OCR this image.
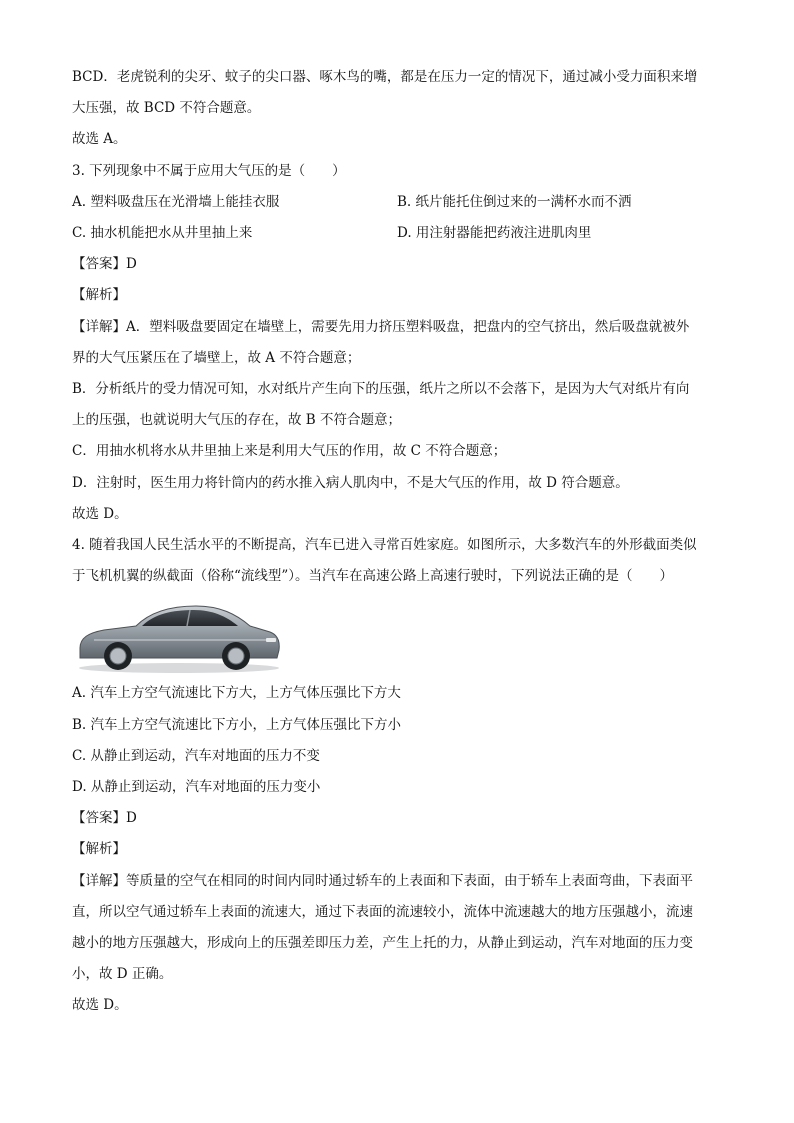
BCD．老虎锐利的尖牙、蚊子的尖口器、啄木鸟的嘴，都是在压力一定的情况下，通过减小受力面积来增

大压强，故 BCD 不符合题意。

故选 A。

3. 下列现象中不属于应用大气压的是（　　）

A. 塑料吸盘压在光滑墙上能挂衣服	B. 纸片能托住倒过来的一满杯水而不洒
C. 抽水机能把水从井里抽上来	D. 用注射器能把药液注进肌肉里

【答案】D

【解析】

【详解】A．塑料吸盘要固定在墙壁上，需要先用力挤压塑料吸盘，把盘内的空气挤出，然后吸盘就被外

界的大气压紧压在了墙壁上，故 A 不符合题意；

B．分析纸片的受力情况可知，水对纸片产生向下的压强，纸片之所以不会落下，是因为大气对纸片有向

上的压强，也就说明大气压的存在，故 B 不符合题意；

C．用抽水机将水从井里抽上来是利用大气压的作用，故 C 不符合题意；

D．注射时，医生用力将针筒内的药水推入病人肌肉中，不是大气压的作用，故 D 符合题意。

故选 D。

4. 随着我国人民生活水平的不断提高，汽车已进入寻常百姓家庭。如图所示，大多数汽车的外形截面类似

于飞机机翼的纵截面（俗称“流线型”）。当汽车在高速公路上高速行驶时，下列说法正确的是（　　）

A. 汽车上方空气流速比下方大，上方气体压强比下方大

B. 汽车上方空气流速比下方小，上方气体压强比下方小

C. 从静止到运动，汽车对地面的压力不变

D. 从静止到运动，汽车对地面的压力变小

【答案】D

【解析】

【详解】等质量的空气在相同的时间内同时通过轿车的上表面和下表面，由于轿车上表面弯曲，下表面平

直，所以空气通过轿车上表面的流速大，通过下表面的流速较小，流体中流速越大的地方压强越小，流速

越小的地方压强越大，形成向上的压强差即压力差，产生上托的力，从静止到运动，汽车对地面的压力变

小，故 D 正确。

故选 D。
